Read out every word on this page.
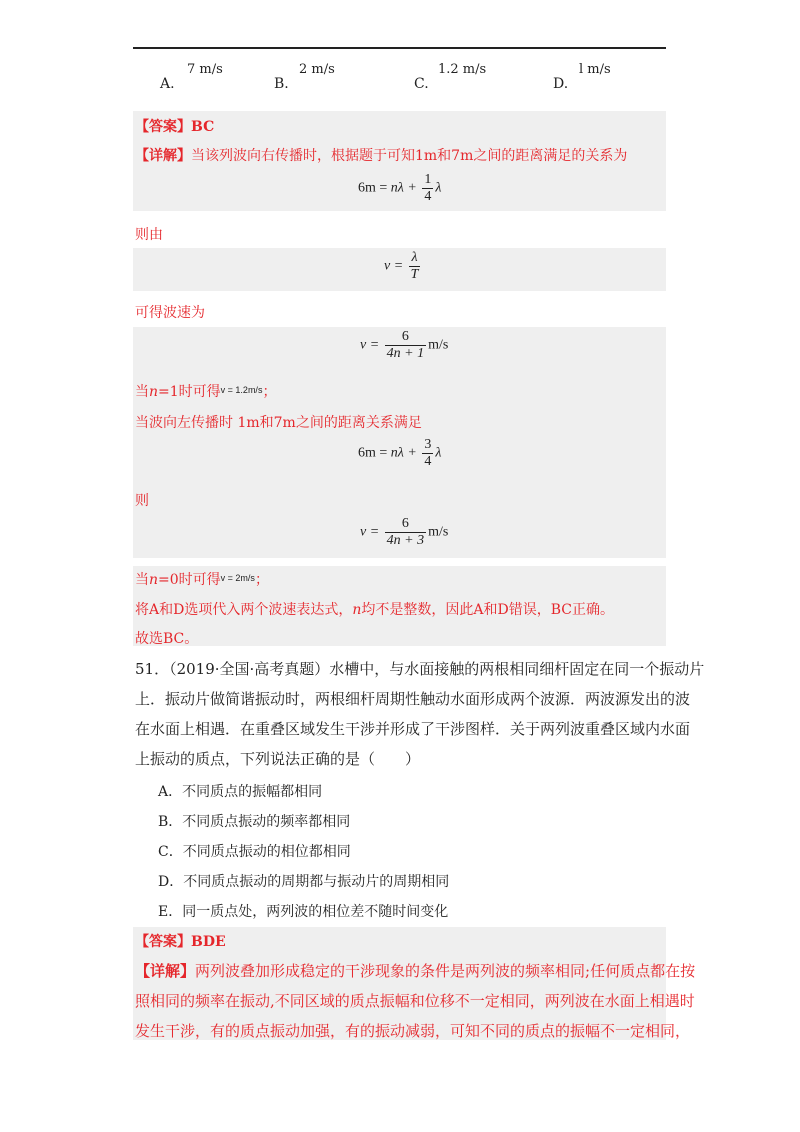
A.
7 m/s
B.
2 m/s
C.
1.2 m/s
D.
l m/s
【答案】BC
【详解】当该列波向右传播时，根据题于可知1m和7m之间的距离满足的关系为
$6m = n\lambda + \frac{1}{4}$ λ
则由
$v = \frac{\lambda}{T}$
可得波速为
$v = \frac{6}{4n + 1} m/s$
当n=1时可得$^{v = 1.2m/s}$；
当波向左传播时 1m和7m之间的距离关系满足
$6m = n\lambda + \frac{3}{4}$ λ
则
$v = \frac{6}{4n + 3} m/s$
当n=0时可得$^{v = 2m/s}$；
将A和D选项代入两个波速表达式，n均不是整数，因此A和D错误，BC正确。
故选BC。
51．（2019·全国·高考真题）水槽中，与水面接触的两根相同细杆固定在同一个振动片
上．振动片做简谐振动时，两根细杆周期性触动水面形成两个波源．两波源发出的波
在水面上相遇．在重叠区域发生干涉并形成了干涉图样．关于两列波重叠区域内水面
上振动的质点，下列说法正确的是（　　）
A．不同质点的振幅都相同
B．不同质点振动的频率都相同
C．不同质点振动的相位都相同
D．不同质点振动的周期都与振动片的周期相同
E．同一质点处，两列波的相位差不随时间变化
【答案】BDE
【详解】两列波叠加形成稳定的干涉现象的条件是两列波的频率相同;任何质点都在按
照相同的频率在振动,不同区域的质点振幅和位移不一定相同，两列波在水面上相遇时
发生干涉，有的质点振动加强，有的振动减弱，可知不同的质点的振幅不一定相同，
